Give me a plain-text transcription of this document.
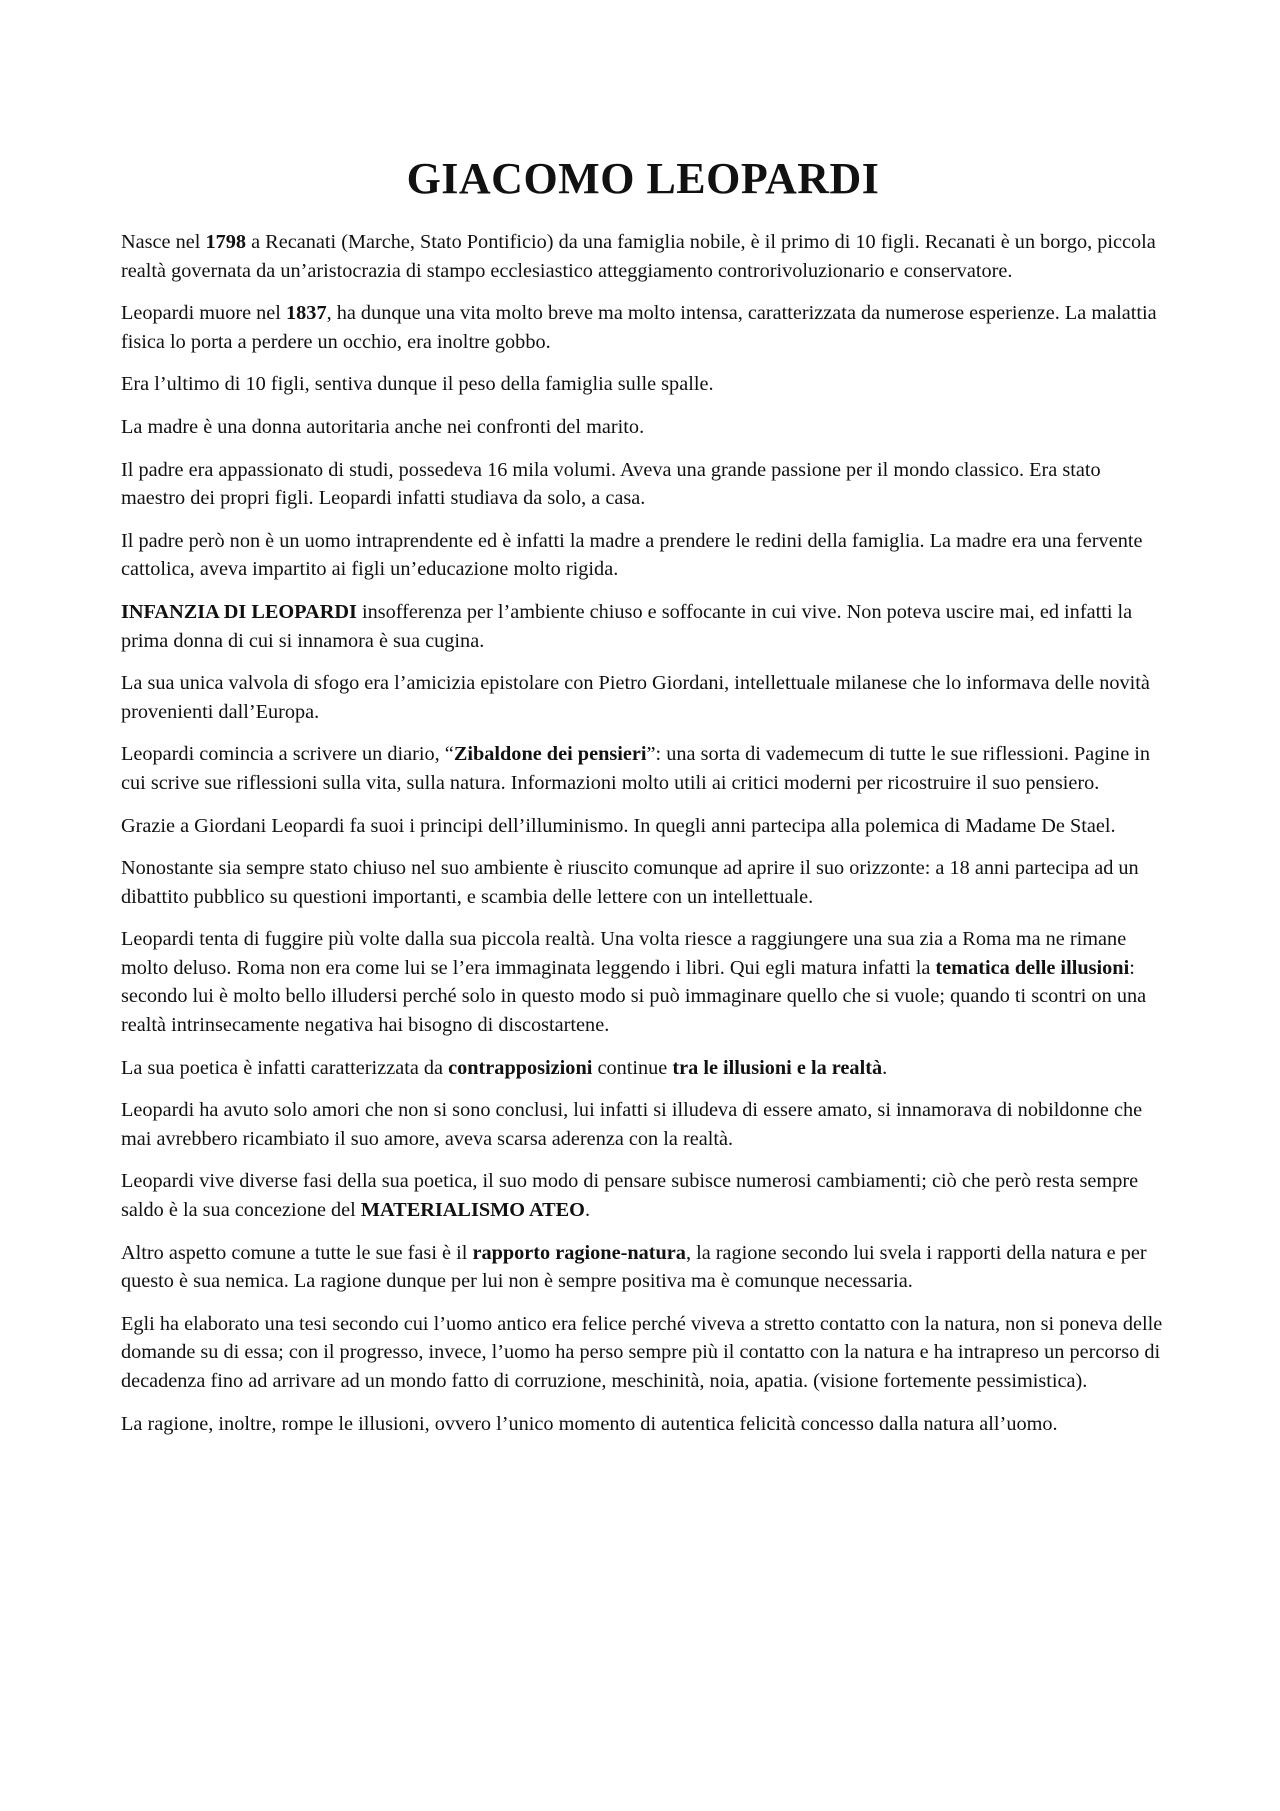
GIACOMO LEOPARDI

Nasce nel 1798 a Recanati (Marche, Stato Pontificio) da una famiglia nobile, è il primo di 10 figli. Recanati è un borgo, piccola realtà governata da un’aristocrazia di stampo ecclesiastico atteggiamento controrivoluzionario e conservatore.

Leopardi muore nel 1837, ha dunque una vita molto breve ma molto intensa, caratterizzata da numerose esperienze. La malattia fisica lo porta a perdere un occhio, era inoltre gobbo.

Era l’ultimo di 10 figli, sentiva dunque il peso della famiglia sulle spalle.

La madre è una donna autoritaria anche nei confronti del marito.

Il padre era appassionato di studi, possedeva 16 mila volumi. Aveva una grande passione per il mondo classico. Era stato maestro dei propri figli. Leopardi infatti studiava da solo, a casa.

Il padre però non è un uomo intraprendente ed è infatti la madre a prendere le redini della famiglia. La madre era una fervente cattolica, aveva impartito ai figli un’educazione molto rigida.

INFANZIA DI LEOPARDI insofferenza per l’ambiente chiuso e soffocante in cui vive. Non poteva uscire mai, ed infatti la prima donna di cui si innamora è sua cugina.

La sua unica valvola di sfogo era l’amicizia epistolare con Pietro Giordani, intellettuale milanese che lo informava delle novità provenienti dall’Europa.

Leopardi comincia a scrivere un diario, “Zibaldone dei pensieri”: una sorta di vademecum di tutte le sue riflessioni. Pagine in cui scrive sue riflessioni sulla vita, sulla natura. Informazioni molto utili ai critici moderni per ricostruire il suo pensiero.

Grazie a Giordani Leopardi fa suoi i principi dell’illuminismo. In quegli anni partecipa alla polemica di Madame De Stael.

Nonostante sia sempre stato chiuso nel suo ambiente è riuscito comunque ad aprire il suo orizzonte: a 18 anni partecipa ad un dibattito pubblico su questioni importanti, e scambia delle lettere con un intellettuale.

Leopardi tenta di fuggire più volte dalla sua piccola realtà. Una volta riesce a raggiungere una sua zia a Roma ma ne rimane molto deluso. Roma non era come lui se l’era immaginata leggendo i libri. Qui egli matura infatti la tematica delle illusioni: secondo lui è molto bello illudersi perché solo in questo modo si può immaginare quello che si vuole; quando ti scontri on una realtà intrinsecamente negativa hai bisogno di discostartene.

La sua poetica è infatti caratterizzata da contrapposizioni continue tra le illusioni e la realtà.

Leopardi ha avuto solo amori che non si sono conclusi, lui infatti si illudeva di essere amato, si innamorava di nobildonne che mai avrebbero ricambiato il suo amore, aveva scarsa aderenza con la realtà.

Leopardi vive diverse fasi della sua poetica, il suo modo di pensare subisce numerosi cambiamenti; ciò che però resta sempre saldo è la sua concezione del MATERIALISMO ATEO.

Altro aspetto comune a tutte le sue fasi è il rapporto ragione-natura, la ragione secondo lui svela i rapporti della natura e per questo è sua nemica. La ragione dunque per lui non è sempre positiva ma è comunque necessaria.

Egli ha elaborato una tesi secondo cui l’uomo antico era felice perché viveva a stretto contatto con la natura, non si poneva delle domande su di essa; con il progresso, invece, l’uomo ha perso sempre più il contatto con la natura e ha intrapreso un percorso di decadenza fino ad arrivare ad un mondo fatto di corruzione, meschinità, noia, apatia. (visione fortemente pessimistica).

La ragione, inoltre, rompe le illusioni, ovvero l’unico momento di autentica felicità concesso dalla natura all’uomo.
